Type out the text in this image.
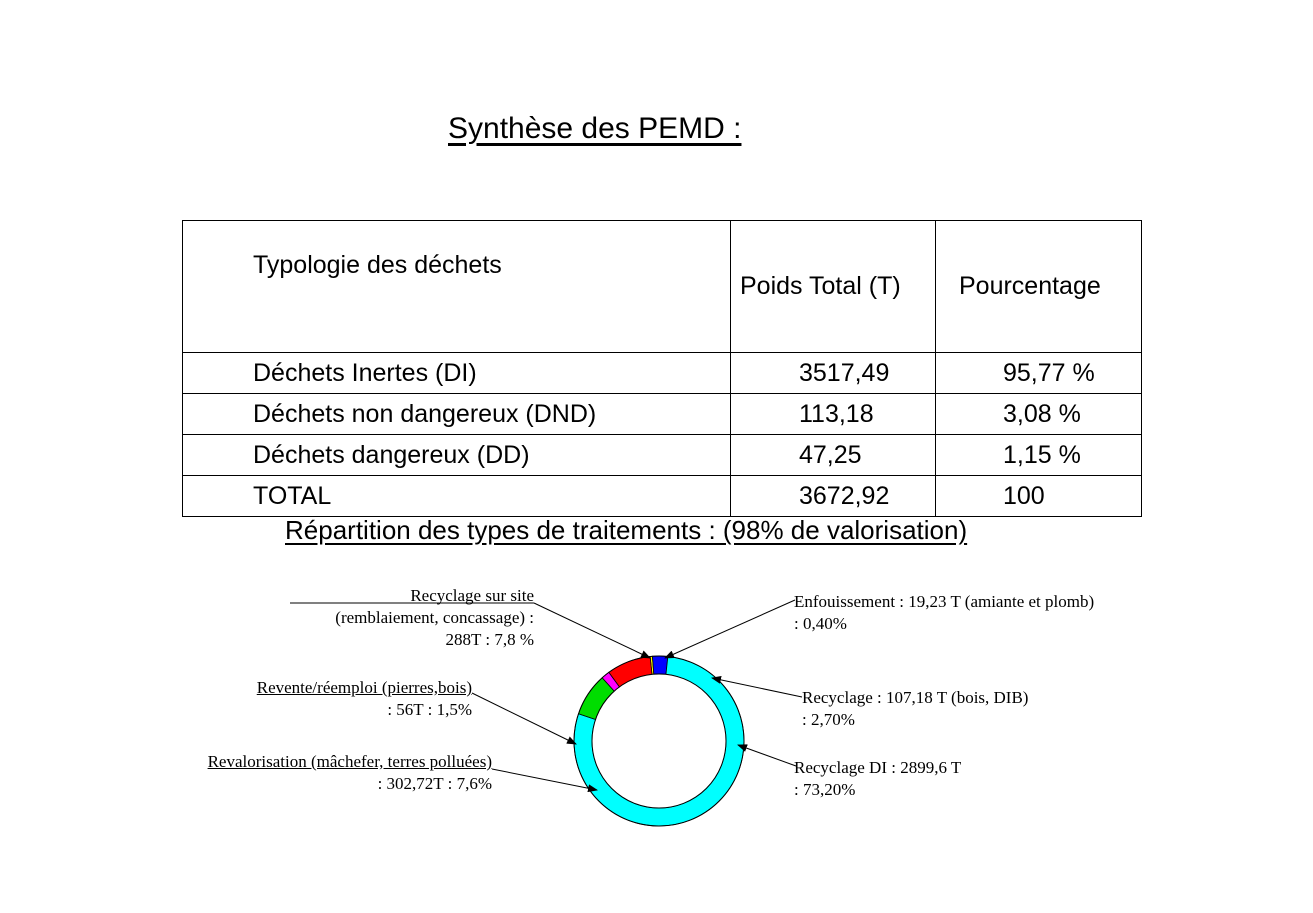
Synthèse des PEMD :
Typologie des déchets	Poids Total (T)	Pourcentage
Déchets Inertes (DI)	3517,49	95,77 %
Déchets non dangereux (DND)	113,18	3,08 %
Déchets dangereux (DD)	47,25	1,15 %
TOTAL	3672,92	100
Répartition des types de traitements : (98% de valorisation)
Recyclage sur site
(remblaiement, concassage) :
288T : 7,8 %
Enfouissement : 19,23 T (amiante et plomb)
: 0,40%
Recyclage : 107,18 T (bois, DIB)
: 2,70%
Recyclage DI : 2899,6 T
: 73,20%
Revente/réemploi (pierres,bois)
: 56T : 1,5%
Revalorisation (mâchefer, terres polluées)
: 302,72T : 7,6%
